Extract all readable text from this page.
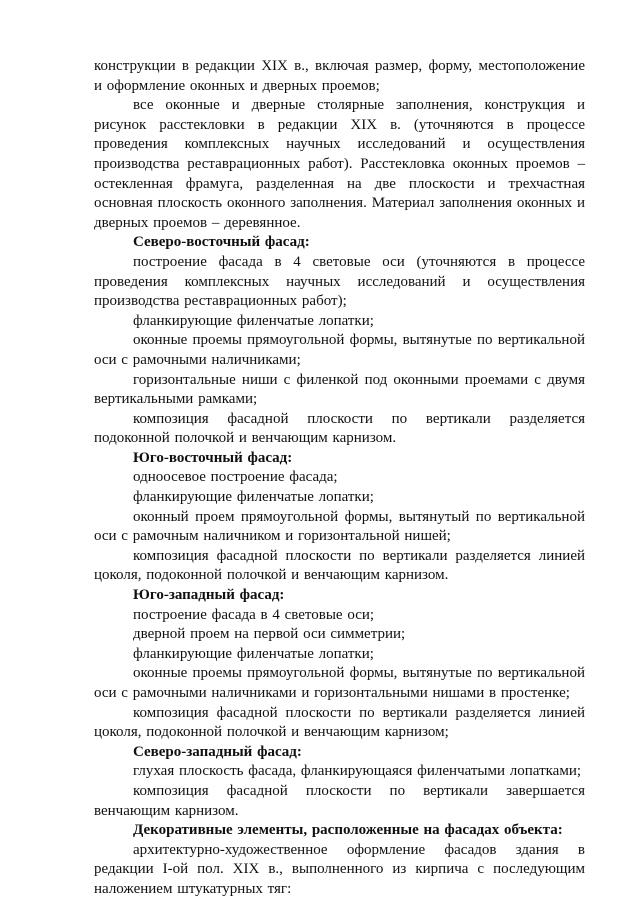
конструкции в редакции XIX в., включая размер, форму, местоположение и оформление оконных и дверных проемов;

все оконные и дверные столярные заполнения, конструкция и рисунок расстекловки в редакции XIX в. (уточняются в процессе проведения комплексных научных исследований и осуществления производства реставрационных работ). Расстекловка оконных проемов – остекленная фрамуга, разделенная на две плоскости и трехчастная основная плоскость оконного заполнения. Материал заполнения оконных и дверных проемов – деревянное.

Северо-восточный фасад:

построение фасада в 4 световые оси (уточняются в процессе проведения комплексных научных исследований и осуществления производства реставрационных работ);

фланкирующие филенчатые лопатки;

оконные проемы прямоугольной формы, вытянутые по вертикальной оси с рамочными наличниками;

горизонтальные ниши с филенкой под оконными проемами с двумя вертикальными рамками;

композиция фасадной плоскости по вертикали разделяется подоконной полочкой и венчающим карнизом.

Юго-восточный фасад:

одноосевое построение фасада;

фланкирующие филенчатые лопатки;

оконный проем прямоугольной формы, вытянутый по вертикальной оси с рамочным наличником и горизонтальной нишей;

композиция фасадной плоскости по вертикали разделяется линией цоколя, подоконной полочкой и венчающим карнизом.

Юго-западный фасад:

построение фасада в 4 световые оси;

дверной проем на первой оси симметрии;

фланкирующие филенчатые лопатки;

оконные проемы прямоугольной формы, вытянутые по вертикальной оси с рамочными наличниками и горизонтальными нишами в простенке;

композиция фасадной плоскости по вертикали разделяется линией цоколя, подоконной полочкой и венчающим карнизом;

Северо-западный фасад:

глухая плоскость фасада, фланкирующаяся филенчатыми лопатками;

композиция фасадной плоскости по вертикали завершается венчающим карнизом.

Декоративные элементы, расположенные на фасадах объекта:

архитектурно-художественное оформление фасадов здания в редакции I-ой пол. XIX в., выполненного из кирпича с последующим наложением штукатурных тяг:
